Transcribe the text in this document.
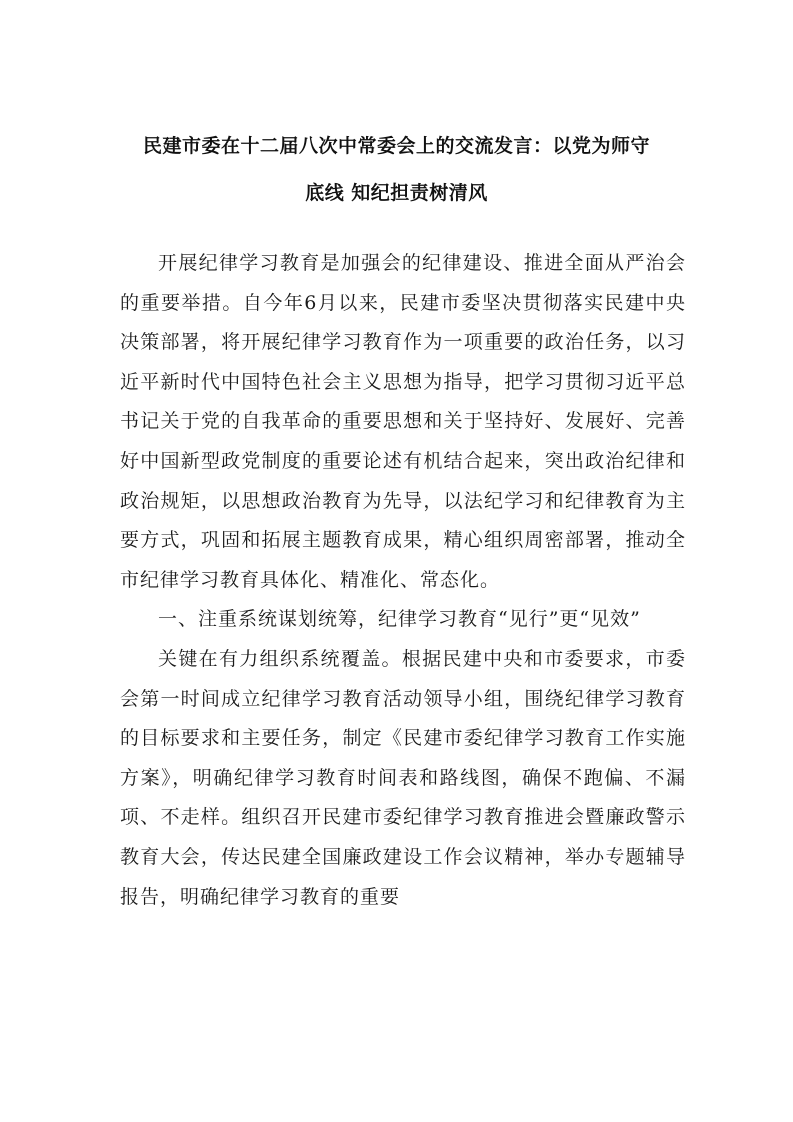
民建市委在十二届八次中常委会上的交流发言：以党为师守
底线 知纪担责树清风

开展纪律学习教育是加强会的纪律建设、推进全面从严治会的重要举措。自今年6月以来，民建市委坚决贯彻落实民建中央决策部署，将开展纪律学习教育作为一项重要的政治任务，以习近平新时代中国特色社会主义思想为指导，把学习贯彻习近平总书记关于党的自我革命的重要思想和关于坚持好、发展好、完善好中国新型政党制度的重要论述有机结合起来，突出政治纪律和政治规矩，以思想政治教育为先导，以法纪学习和纪律教育为主要方式，巩固和拓展主题教育成果，精心组织周密部署，推动全市纪律学习教育具体化、精准化、常态化。

一、注重系统谋划统筹，纪律学习教育“见行”更“见效”

关键在有力组织系统覆盖。根据民建中央和市委要求，市委会第一时间成立纪律学习教育活动领导小组，围绕纪律学习教育的目标要求和主要任务，制定《民建市委纪律学习教育工作实施方案》，明确纪律学习教育时间表和路线图，确保不跑偏、不漏项、不走样。组织召开民建市委纪律学习教育推进会暨廉政警示教育大会，传达民建全国廉政建设工作会议精神，举办专题辅导报告，明确纪律学习教育的重要
